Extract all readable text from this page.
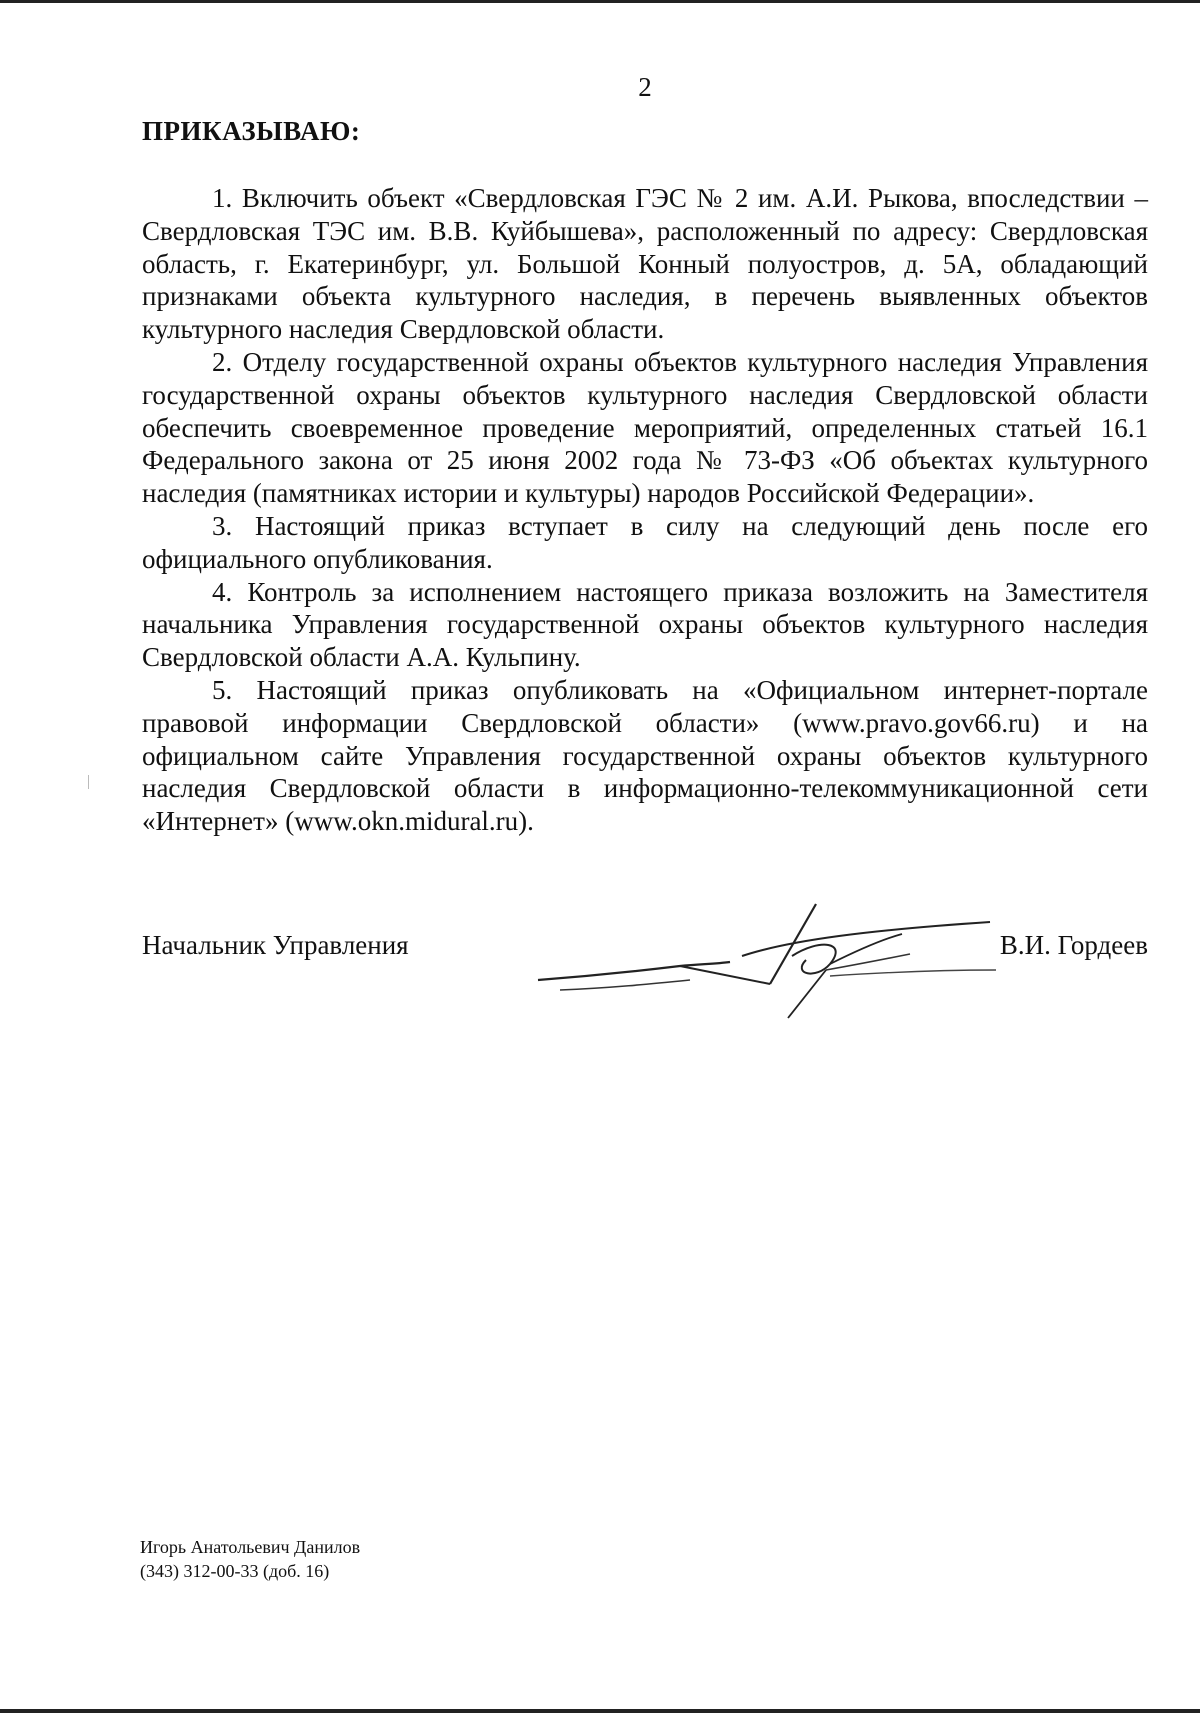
2
ПРИКАЗЫВАЮ:

1. Включить объект «Свердловская ГЭС № 2 им. А.И. Рыкова, впоследствии – Свердловская ТЭС им. В.В. Куйбышева», расположенный по адресу: Свердловская область, г. Екатеринбург, ул. Большой Конный полуостров, д. 5А, обладающий признаками объекта культурного наследия, в перечень выявленных объектов культурного наследия Свердловской области.

2. Отделу государственной охраны объектов культурного наследия Управления государственной охраны объектов культурного наследия Свердловской области обеспечить своевременное проведение мероприятий, определенных статьей 16.1 Федерального закона от 25 июня 2002 года № 73-ФЗ «Об объектах культурного наследия (памятниках истории и культуры) народов Российской Федерации».

3. Настоящий приказ вступает в силу на следующий день после его официального опубликования.

4. Контроль за исполнением настоящего приказа возложить на Заместителя начальника Управления государственной охраны объектов культурного наследия Свердловской области А.А. Кульпину.

5. Настоящий приказ опубликовать на «Официальном интернет-портале правовой информации Свердловской области» (www.pravo.gov66.ru) и на официальном сайте Управления государственной охраны объектов культурного наследия Свердловской области в информационно-телекоммуникационной сети «Интернет» (www.okn.midural.ru).

Начальник Управления	В.И. Гордеев
Игорь Анатольевич Данилов
(343) 312-00-33 (доб. 16)
